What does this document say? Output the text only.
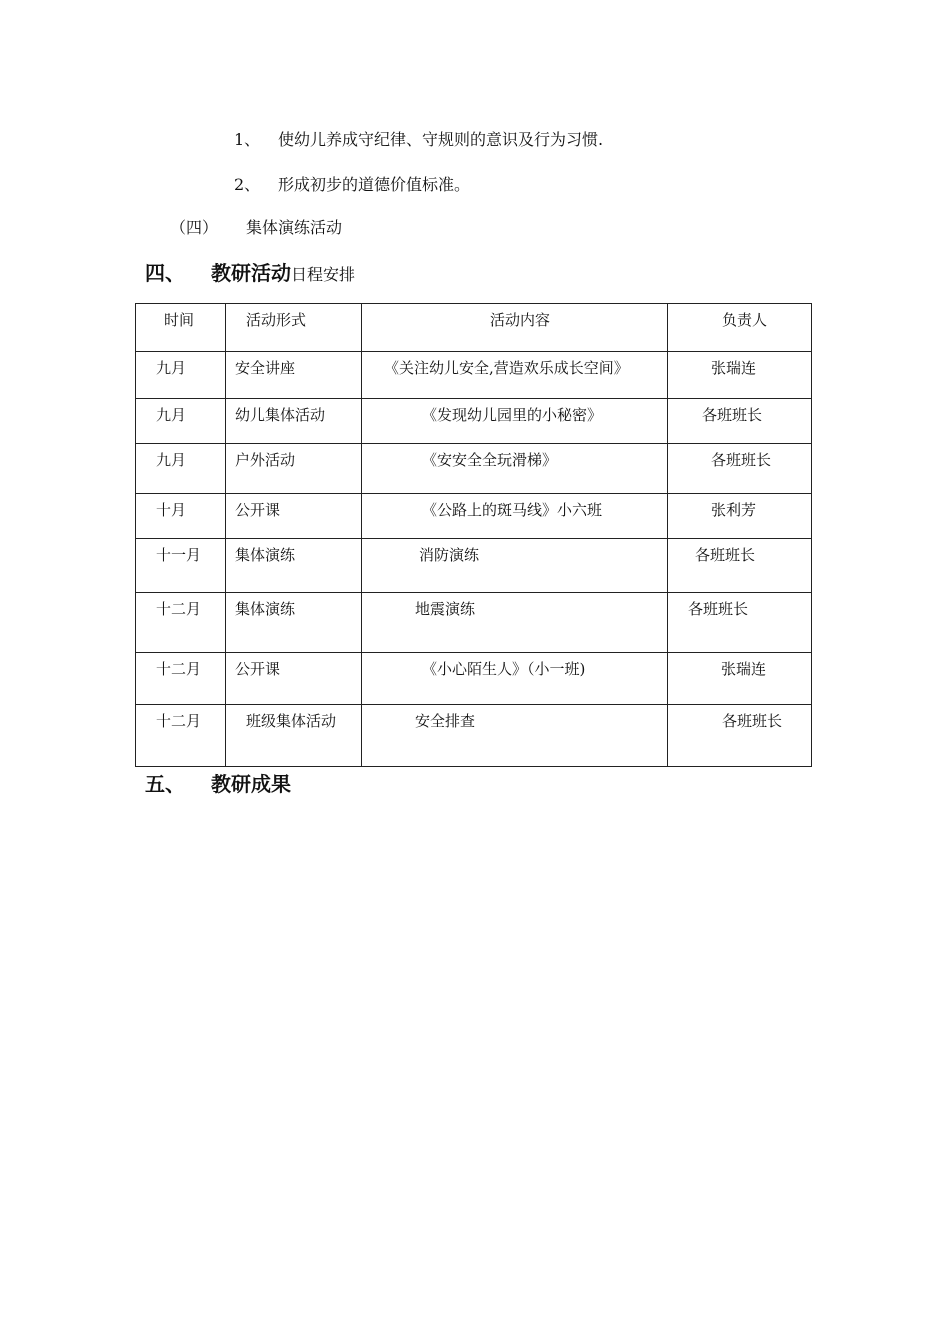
1、 使幼儿养成守纪律、守规则的意识及行为习惯.
2、 形成初步的道德价值标准。
（四） 集体演练活动
四、 教研活动日程安排
时间	活动形式	活动内容	负责人
九月	安全讲座	《关注幼儿安全,营造欢乐成长空间》	张瑞连
九月	幼儿集体活动	《发现幼儿园里的小秘密》	各班班长
九月	户外活动	《安安全全玩滑梯》	各班班长
十月	公开课	《公路上的斑马线》小六班	张利芳
十一月	集体演练	消防演练	各班班长
十二月	集体演练	地震演练	各班班长
十二月	公开课	《小心陌生人》（小一班)	张瑞连
十二月	班级集体活动	安全排查	各班班长
五、 教研成果
